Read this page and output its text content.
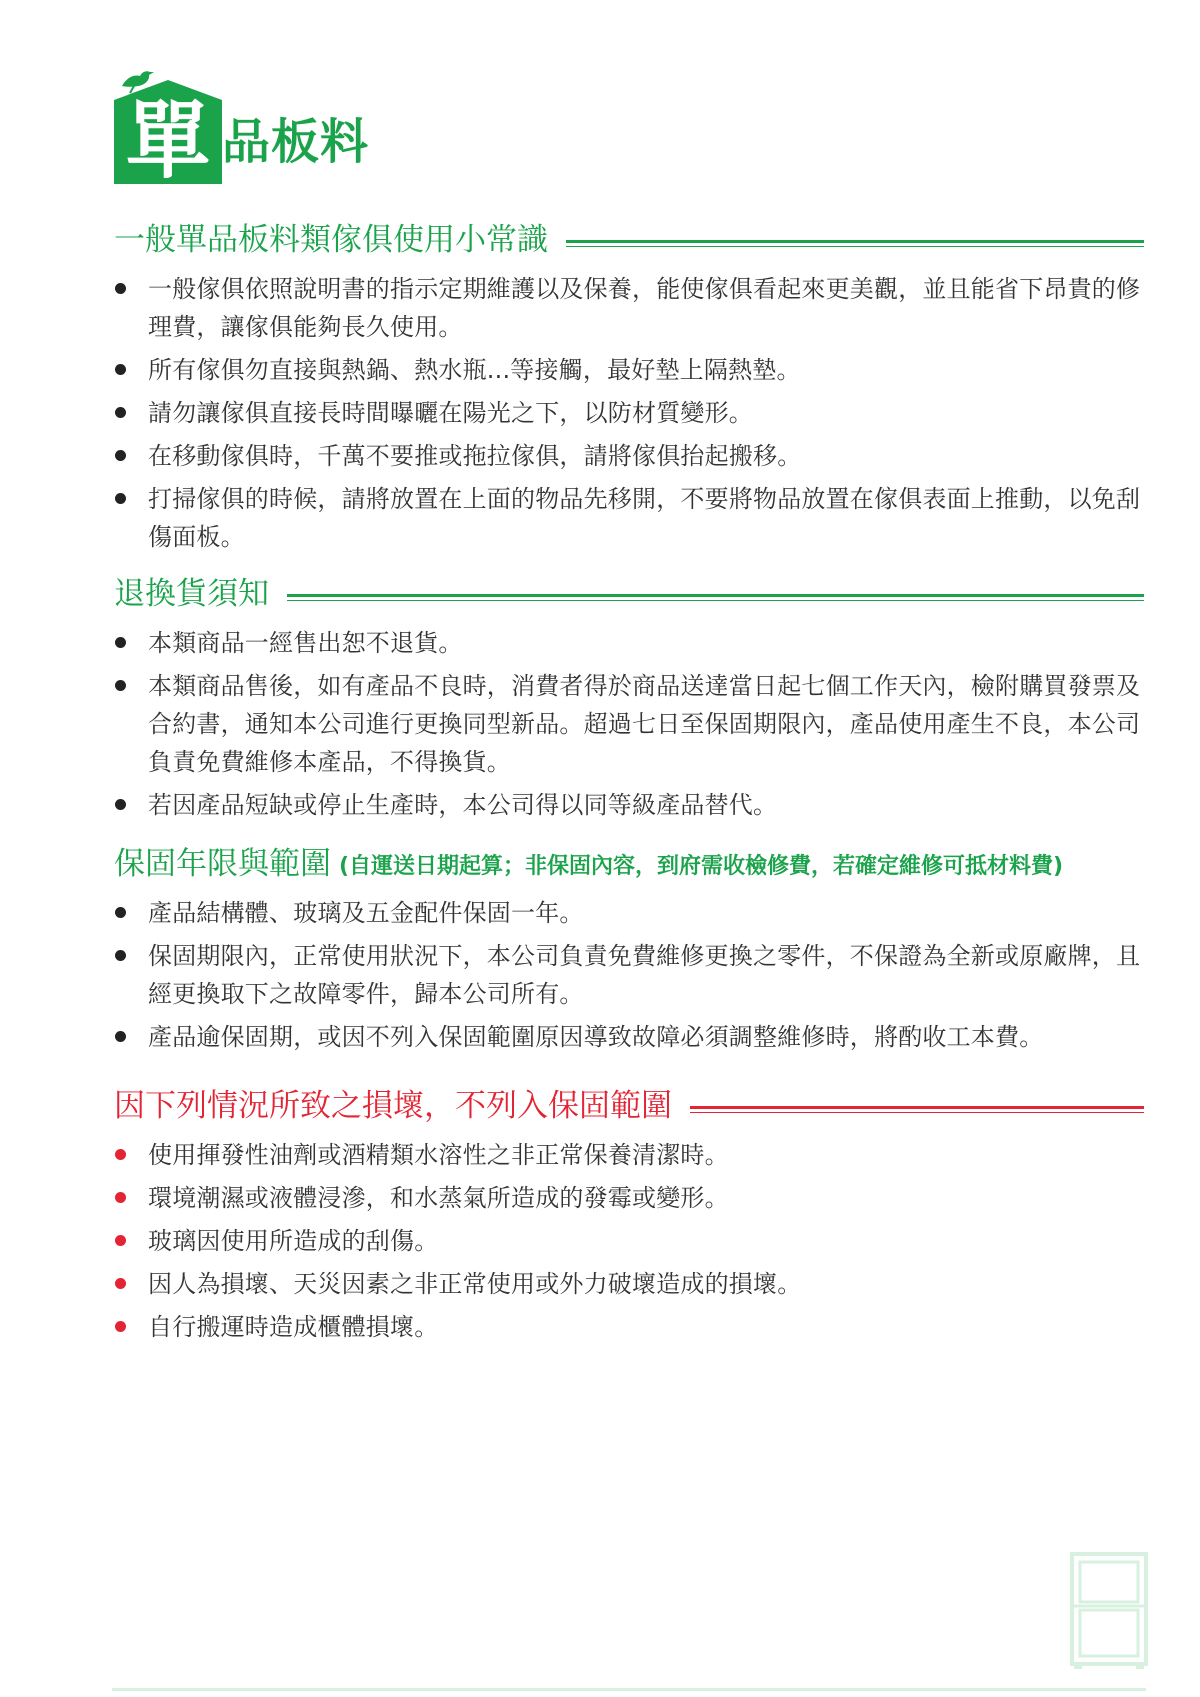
單 品板料
一般單品板料類傢俱使用小常識
一般傢俱依照說明書的指示定期維護以及保養，能使傢俱看起來更美觀，並且能省下昂貴的修理費，讓傢俱能夠長久使用。
所有傢俱勿直接與熱鍋、熱水瓶...等接觸，最好墊上隔熱墊。
請勿讓傢俱直接長時間曝曬在陽光之下，以防材質變形。
在移動傢俱時，千萬不要推或拖拉傢俱，請將傢俱抬起搬移。
打掃傢俱的時候，請將放置在上面的物品先移開，不要將物品放置在傢俱表面上推動，以免刮傷面板。
退換貨須知
本類商品一經售出恕不退貨。
本類商品售後，如有產品不良時，消費者得於商品送達當日起七個工作天內，檢附購買發票及合約書，通知本公司進行更換同型新品。超過七日至保固期限內，產品使用產生不良，本公司負責免費維修本產品，不得換貨。
若因產品短缺或停止生產時，本公司得以同等級產品替代。
保固年限與範圍 (自運送日期起算；非保固內容，到府需收檢修費，若確定維修可抵材料費)
產品結構體、玻璃及五金配件保固一年。
保固期限內，正常使用狀況下，本公司負責免費維修更換之零件，不保證為全新或原廠牌，且經更換取下之故障零件，歸本公司所有。
產品逾保固期，或因不列入保固範圍原因導致故障必須調整維修時，將酌收工本費。
因下列情況所致之損壞，不列入保固範圍
使用揮發性油劑或酒精類水溶性之非正常保養清潔時。
環境潮濕或液體浸滲，和水蒸氣所造成的發霉或變形。
玻璃因使用所造成的刮傷。
因人為損壞、天災因素之非正常使用或外力破壞造成的損壞。
自行搬運時造成櫃體損壞。
